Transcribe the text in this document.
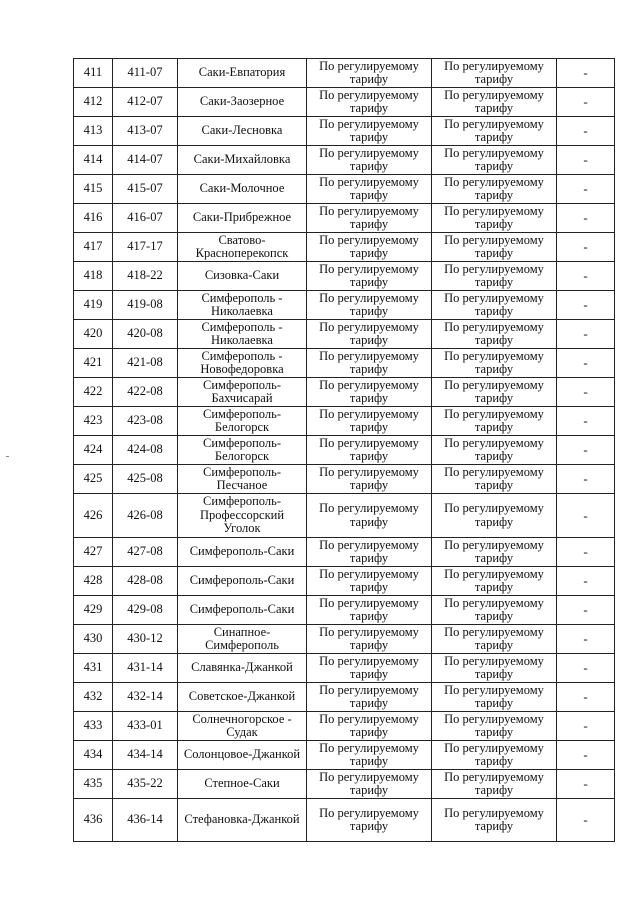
411	411-07	Саки-Евпатория	По регулируемому тарифу	По регулируемому тарифу	-
412	412-07	Саки-Заозерное	По регулируемому тарифу	По регулируемому тарифу	-
413	413-07	Саки-Лесновка	По регулируемому тарифу	По регулируемому тарифу	-
414	414-07	Саки-Михайловка	По регулируемому тарифу	По регулируемому тарифу	-
415	415-07	Саки-Молочное	По регулируемому тарифу	По регулируемому тарифу	-
416	416-07	Саки-Прибрежное	По регулируемому тарифу	По регулируемому тарифу	-
417	417-17	Сватово-Красноперекопск	По регулируемому тарифу	По регулируемому тарифу	-
418	418-22	Сизовка-Саки	По регулируемому тарифу	По регулируемому тарифу	-
419	419-08	Симферополь - Николаевка	По регулируемому тарифу	По регулируемому тарифу	-
420	420-08	Симферополь - Николаевка	По регулируемому тарифу	По регулируемому тарифу	-
421	421-08	Симферополь - Новофедоровка	По регулируемому тарифу	По регулируемому тарифу	-
422	422-08	Симферополь-Бахчисарай	По регулируемому тарифу	По регулируемому тарифу	-
423	423-08	Симферополь-Белогорск	По регулируемому тарифу	По регулируемому тарифу	-
424	424-08	Симферополь-Белогорск	По регулируемому тарифу	По регулируемому тарифу	-
425	425-08	Симферополь-Песчаное	По регулируемому тарифу	По регулируемому тарифу	-
426	426-08	Симферополь-Профессорский Уголок	По регулируемому тарифу	По регулируемому тарифу	-
427	427-08	Симферополь-Саки	По регулируемому тарифу	По регулируемому тарифу	-
428	428-08	Симферополь-Саки	По регулируемому тарифу	По регулируемому тарифу	-
429	429-08	Симферополь-Саки	По регулируемому тарифу	По регулируемому тарифу	-
430	430-12	Синапное-Симферополь	По регулируемому тарифу	По регулируемому тарифу	-
431	431-14	Славянка-Джанкой	По регулируемому тарифу	По регулируемому тарифу	-
432	432-14	Советское-Джанкой	По регулируемому тарифу	По регулируемому тарифу	-
433	433-01	Солнечногорское - Судак	По регулируемому тарифу	По регулируемому тарифу	-
434	434-14	Солонцовое-Джанкой	По регулируемому тарифу	По регулируемому тарифу	-
435	435-22	Степное-Саки	По регулируемому тарифу	По регулируемому тарифу	-
436	436-14	Стефановка-Джанкой	По регулируемому тарифу	По регулируемому тарифу	-
